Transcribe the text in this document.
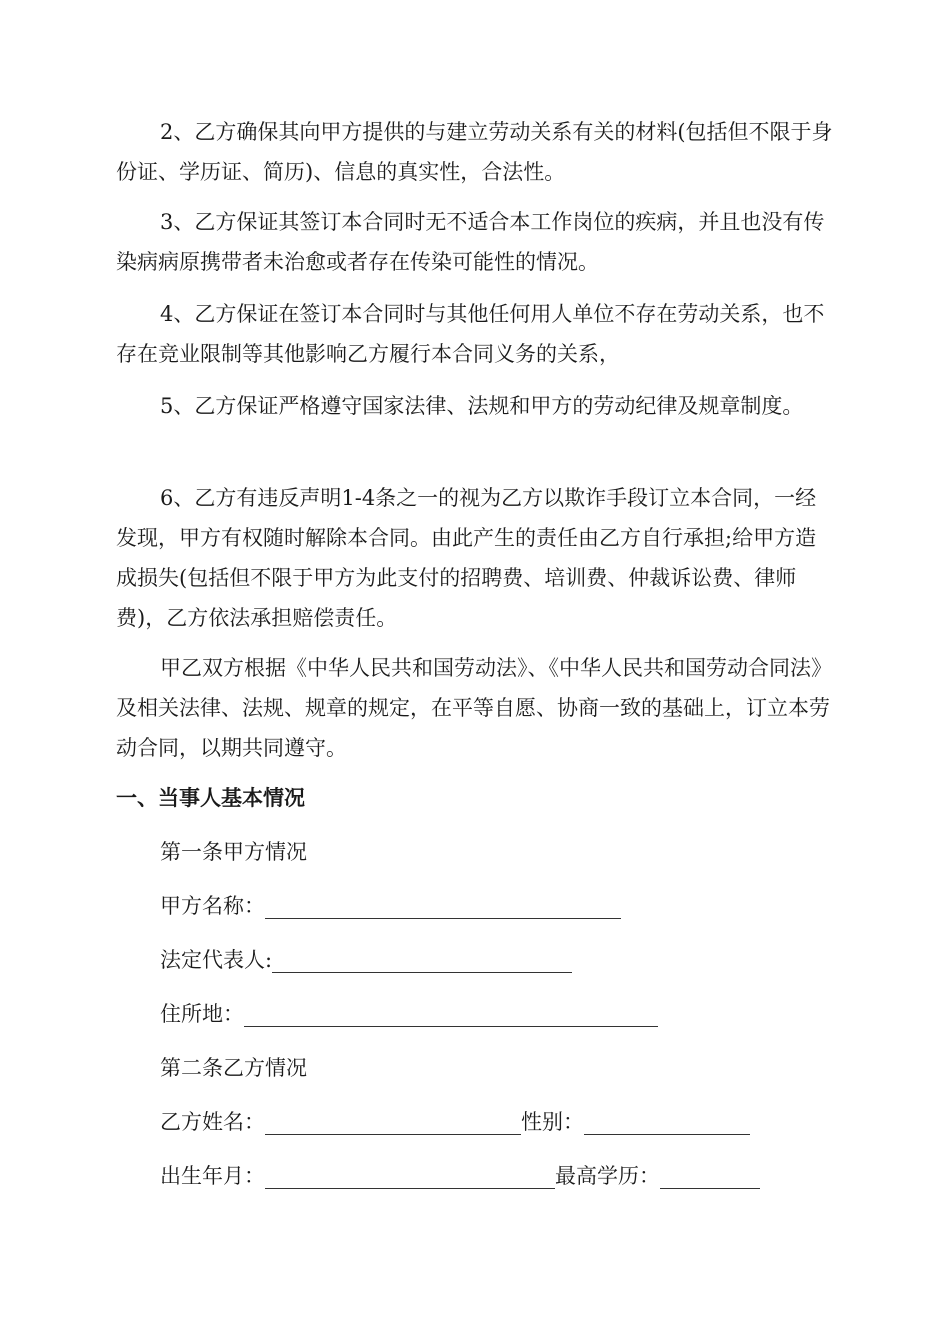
2、乙方确保其向甲方提供的与建立劳动关系有关的材料(包括但不限于身份证、学历证、简历)、信息的真实性，合法性。

3、乙方保证其签订本合同时无不适合本工作岗位的疾病，并且也没有传染病病原携带者未治愈或者存在传染可能性的情况。

4、乙方保证在签订本合同时与其他任何用人单位不存在劳动关系，也不存在竞业限制等其他影响乙方履行本合同义务的关系，

5、乙方保证严格遵守国家法律、法规和甲方的劳动纪律及规章制度。

6、乙方有违反声明1-4条之一的视为乙方以欺诈手段订立本合同，一经发现，甲方有权随时解除本合同。由此产生的责任由乙方自行承担;给甲方造成损失(包括但不限于甲方为此支付的招聘费、培训费、仲裁诉讼费、律师费)，乙方依法承担赔偿责任。

甲乙双方根据《中华人民共和国劳动法》、《中华人民共和国劳动合同法》及相关法律、法规、规章的规定，在平等自愿、协商一致的基础上，订立本劳动合同，以期共同遵守。

一、当事人基本情况

第一条甲方情况

甲方名称：

法定代表人:

住所地：

第二条乙方情况

乙方姓名：	性别：

出生年月：	最高学历：
